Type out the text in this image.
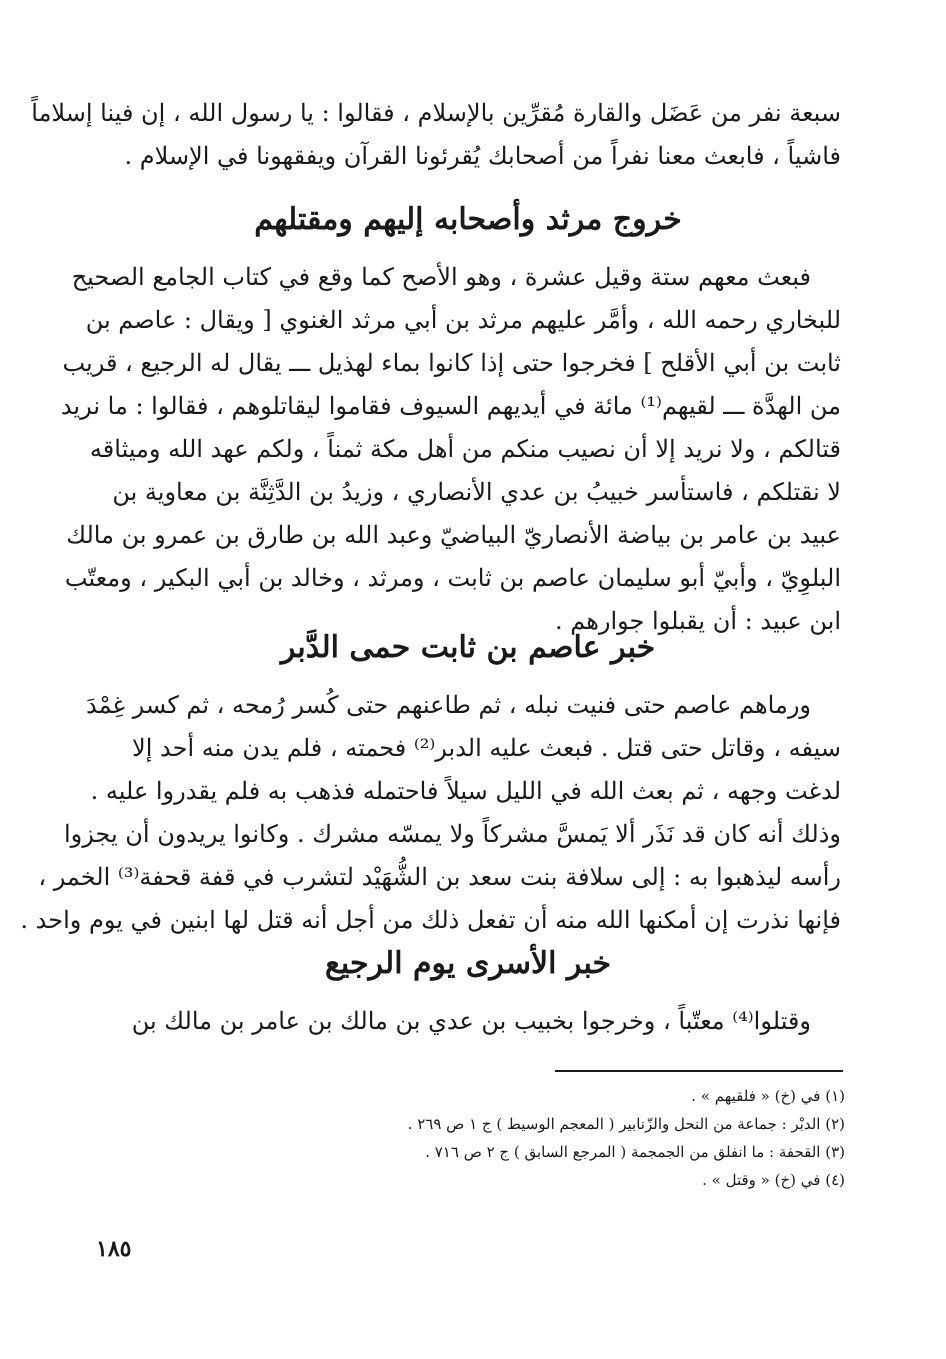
سبعة نفر من عَضَل والقارة مُقرِّين بالإسلام ، فقالوا : يا رسول الله ، إن فينا إسلاماً
فاشياً ، فابعث معنا نفراً من أصحابك يُقرئونا القرآن ويفقهونا في الإسلام .
خروج مرثد وأصحابه إليهم ومقتلهم
فبعث معهم ستة وقيل عشرة ، وهو الأصح كما وقع في كتاب الجامع الصحيح
للبخاري رحمه الله ، وأمَّر عليهم مرثد بن أبي مرثد الغنوي [ ويقال : عاصم بن
ثابت بن أبي الأقلح ] فخرجوا حتى إذا كانوا بماء لهذيل ـــ يقال له الرجيع ، قريب
من الهدَّة ـــ لقيهم⁽¹⁾ مائة في أيديهم السيوف فقاموا ليقاتلوهم ، فقالوا : ما نريد
قتالكم ، ولا نريد إلا أن نصيب منكم من أهل مكة ثمناً ، ولكم عهد الله وميثاقه
لا نقتلكم ، فاستأسر خبيبُ بن عدي الأنصاري ، وزيدُ بن الدَّثِنَّة بن معاوية بن
عبيد بن عامر بن بياضة الأنصاريّ البياضيّ وعبد الله بن طارق بن عمرو بن مالك
البلوِيّ ، وأبيّ أبو سليمان عاصم بن ثابت ، ومرثد ، وخالد بن أبي البكير ، ومعتّب
ابن عبيد : أن يقبلوا جوارهم .
خبر عاصم بن ثابت حمى الدَّبر
ورماهم عاصم حتى فنيت نبله ، ثم طاعنهم حتى كُسر رُمحه ، ثم كسر غِمْدَ
سيفه ، وقاتل حتى قتل . فبعث عليه الدبر⁽²⁾ فحمته ، فلم يدن منه أحد إلا
لدغت وجهه ، ثم بعث الله في الليل سيلاً فاحتمله فذهب به فلم يقدروا عليه .
وذلك أنه كان قد نَذَر ألا يَمسَّ مشركاً ولا يمسّه مشرك . وكانوا يريدون أن يجزوا
رأسه ليذهبوا به : إلى سلافة بنت سعد بن الشُّهَيْد لتشرب في قفة قحفة⁽³⁾ الخمر ،
فإنها نذرت إن أمكنها الله منه أن تفعل ذلك من أجل أنه قتل لها ابنين في يوم واحد .
خبر الأسرى يوم الرجيع
وقتلوا⁽⁴⁾ معتّباً ، وخرجوا بخبيب بن عدي بن مالك بن عامر بن مالك بن
(١) في (خ) « فلقيهم » .
(٢) الدبْر : جماعة من النحل والزّنابير ( المعجم الوسيط ) ج ١ ص ٢٦٩ .
(٣) القحفة : ما انفلق من الجمجمة ( المرجع السابق ) ج ٢ ص ٧١٦ .
(٤) في (خ) « وقتل » .
١٨٥
